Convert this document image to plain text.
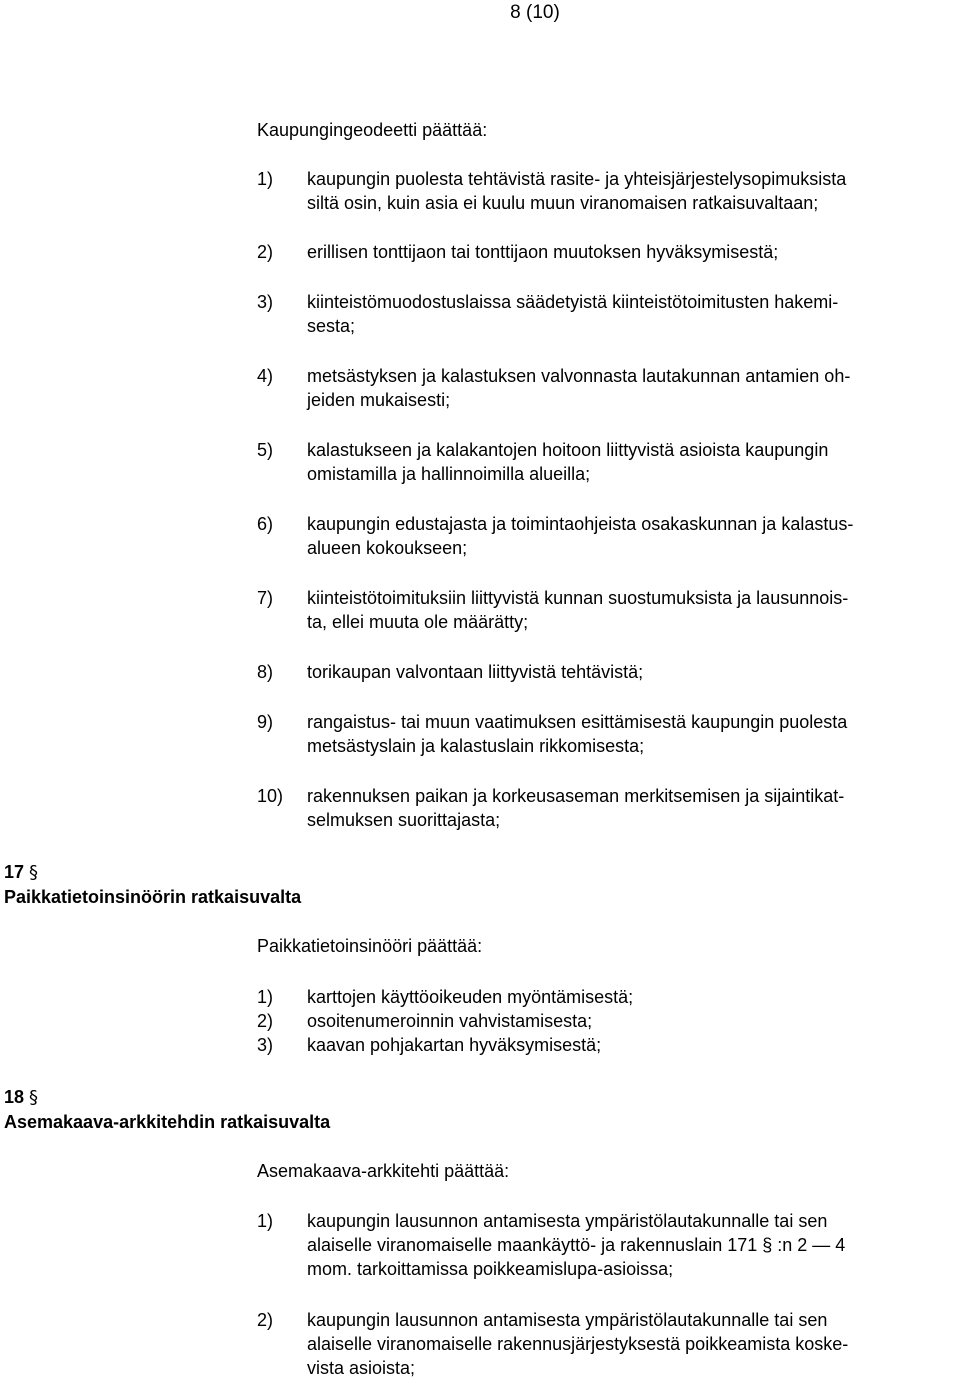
8 (10)
Kaupungingeodeetti päättää:
1) kaupungin puolesta tehtävistä rasite- ja yhteisjärjestelysopimuksista
siltä osin, kuin asia ei kuulu muun viranomaisen ratkaisuvaltaan;
2) erillisen tonttijaon tai tonttijaon muutoksen hyväksymisestä;
3) kiinteistömuodostuslaissa säädetyistä kiinteistötoimitusten hakemi-
sesta;
4) metsästyksen ja kalastuksen valvonnasta lautakunnan antamien oh-
jeiden mukaisesti;
5) kalastukseen ja kalakantojen hoitoon liittyvistä asioista kaupungin
omistamilla ja hallinnoimilla alueilla;
6) kaupungin edustajasta ja toimintaohjeista osakaskunnan ja kalastus-
alueen kokoukseen;
7) kiinteistötoimituksiin liittyvistä kunnan suostumuksista ja lausunnois-
ta, ellei muuta ole määrätty;
8) torikaupan valvontaan liittyvistä tehtävistä;
9) rangaistus- tai muun vaatimuksen esittämisestä kaupungin puolesta
metsästyslain ja kalastuslain rikkomisesta;
10) rakennuksen paikan ja korkeusaseman merkitsemisen ja sijaintikat-
selmuksen suorittajasta;
17 §
Paikkatietoinsinöörin ratkaisuvalta
Paikkatietoinsinööri päättää:
1) karttojen käyttöoikeuden myöntämisestä;
2) osoitenumeroinnin vahvistamisesta;
3) kaavan pohjakartan hyväksymisestä;
18 §
Asemakaava-arkkitehdin ratkaisuvalta
Asemakaava-arkkitehti päättää:
1) kaupungin lausunnon antamisesta ympäristölautakunnalle tai sen
alaiselle viranomaiselle maankäyttö- ja rakennuslain 171 § :n 2 — 4
mom. tarkoittamissa poikkeamislupa-asioissa;
2) kaupungin lausunnon antamisesta ympäristölautakunnalle tai sen
alaiselle viranomaiselle rakennusjärjestyksestä poikkeamista koske-
vista asioista;
